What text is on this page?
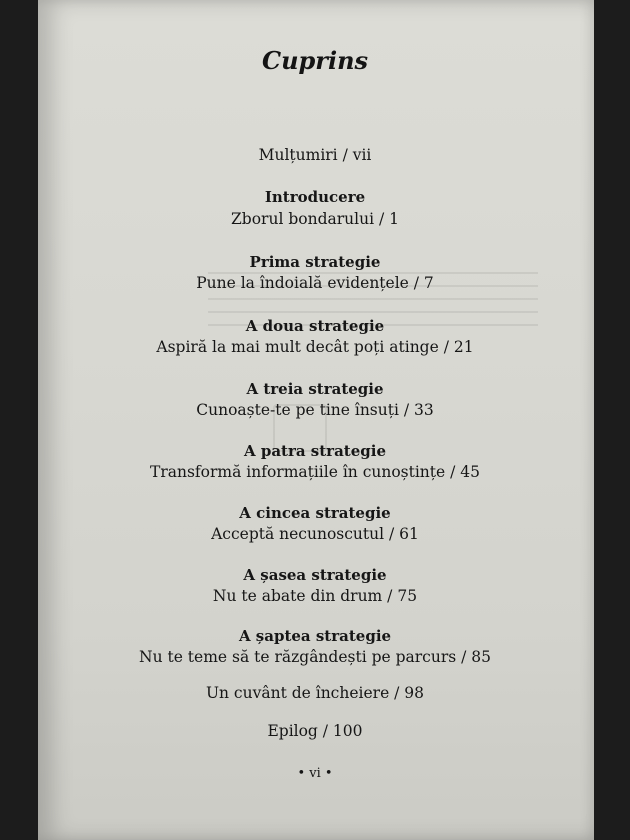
Cuprins
Mulțumiri / vii
Introducere
Zborul bondarului / 1
Prima strategie
Pune la îndoială evidențele / 7
A doua strategie
Aspiră la mai mult decât poți atinge / 21
A treia strategie
Cunoaște-te pe tine însuți / 33
A patra strategie
Transformă informațiile în cunoștințe / 45
A cincea strategie
Acceptă necunoscutul / 61
A șasea strategie
Nu te abate din drum / 75
A șaptea strategie
Nu te teme să te răzgândești pe parcurs / 85
Un cuvânt de încheiere / 98
Epilog / 100
• vi •
